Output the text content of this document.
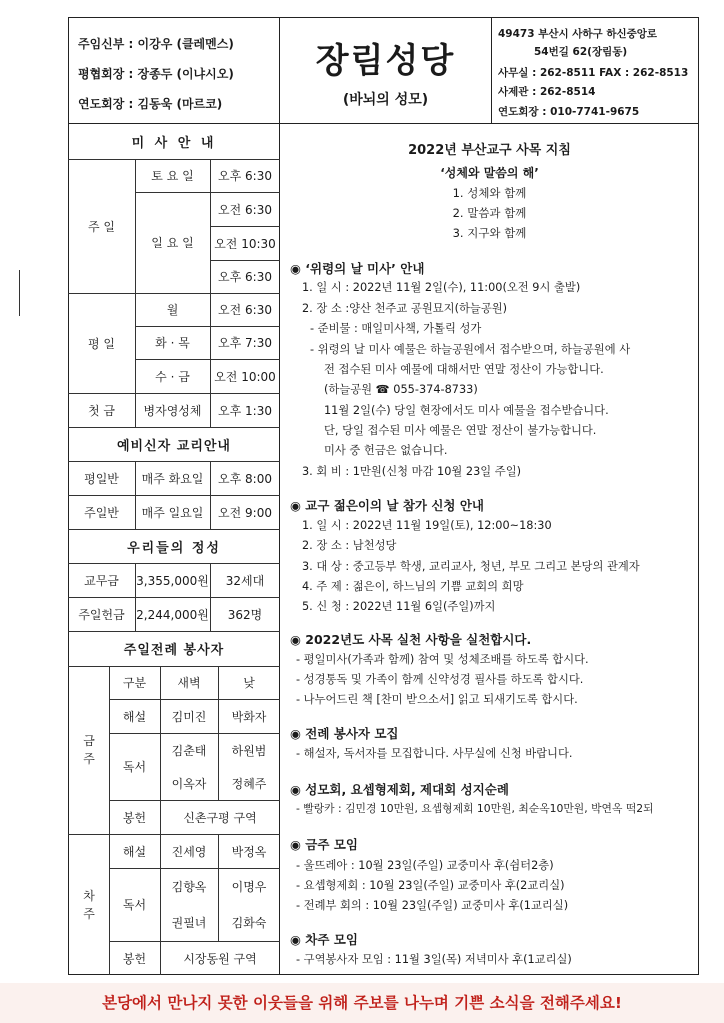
주임신부 : 이강우 (클레멘스)
평협회장 : 장종두 (이냐시오)
연도회장 : 김동욱 (마르코)
장림성당
(바뇌의 성모)
49473 부산시 사하구 하신중앙로
54번길 62(장림동)
사무실 : 262-8511 FAX : 262-8513
사제관 : 262-8514
연도회장 : 010-7741-9675
미 사 안 내
주 일
토 요 일	오후 6:30
일 요 일
오전 6:30
오전 10:30
오후 6:30
평 일
월	오전 6:30
화 · 목	오후 7:30
수 · 금	오전 10:00
첫 금	병자영성체	오후 1:30
예비신자 교리안내
평일반	매주 화요일	오후 8:00
주일반	매주 일요일	오전 9:00
우리들의 정성
교무금	3,355,000원	32세대
주일헌금 2,244,000원	362명
주일전례 봉사자
금 주
구분	새벽	낮
해설	김미진	박화자
독서
김춘태	하원범
이옥자	정혜주
봉헌	신촌구평 구역
차 주
해설	진세영	박정옥
독서
김향옥	이명우
권필녀	김화숙
봉헌	시장동원 구역
2022년 부산교구 사목 지침
‘성체와 말씀의 해’
1. 성체와 함께
2. 말씀과 함께
3. 지구와 함께
◉ ‘위령의 날 미사’ 안내
1. 일 시 : 2022년 11월 2일(수), 11:00(오전 9시 출발)
2. 장 소 :양산 천주교 공원묘지(하늘공원)
- 준비물 : 매일미사책, 가톨릭 성가
- 위령의 날 미사 예물은 하늘공원에서 접수받으며, 하늘공원에 사
전 접수된 미사 예물에 대해서만 연말 정산이 가능합니다.
(하늘공원 ☎ 055-374-8733)
11월 2일(수) 당일 현장에서도 미사 예물을 접수받습니다.
단, 당일 접수된 미사 예물은 연말 정산이 불가능합니다.
미사 중 헌금은 없습니다.
3. 회 비 : 1만원(신청 마감 10월 23일 주일)
◉ 교구 젊은이의 날 참가 신청 안내
1. 일 시 : 2022년 11월 19일(토), 12:00~18:30
2. 장 소 : 남천성당
3. 대 상 : 중고등부 학생, 교리교사, 청년, 부모 그리고 본당의 관계자
4. 주 제 : 젊은이, 하느님의 기쁨 교회의 희망
5. 신 청 : 2022년 11월 6일(주일)까지
◉ 2022년도 사목 실천 사항을 실천합시다.
- 평일미사(가족과 함께) 참여 및 성체조배를 하도록 합시다.
- 성경통독 및 가족이 함께 신약성경 필사를 하도록 합시다.
- 나누어드린 책 [찬미 받으소서] 읽고 되새기도록 합시다.
◉ 전례 봉사자 모집
- 해설자, 독서자를 모집합니다. 사무실에 신청 바랍니다.
◉ 성모회, 요셉형제회, 제대회 성지순례
- 빨랑카 : 김민경 10만원, 요셉형제회 10만원, 최순옥10만원, 박연옥 떡2되
◉ 금주 모임
- 울뜨레아 : 10월 23일(주일) 교중미사 후(쉼터2층)
- 요셉형제회 : 10월 23일(주일) 교중미사 후(2교리실)
- 전례부 회의 : 10월 23일(주일) 교중미사 후(1교리실)
◉ 차주 모임
- 구역봉사자 모임 : 11월 3일(목) 저녁미사 후(1교리실)
본당에서 만나지 못한 이웃들을 위해 주보를 나누며 기쁜 소식을 전해주세요!
